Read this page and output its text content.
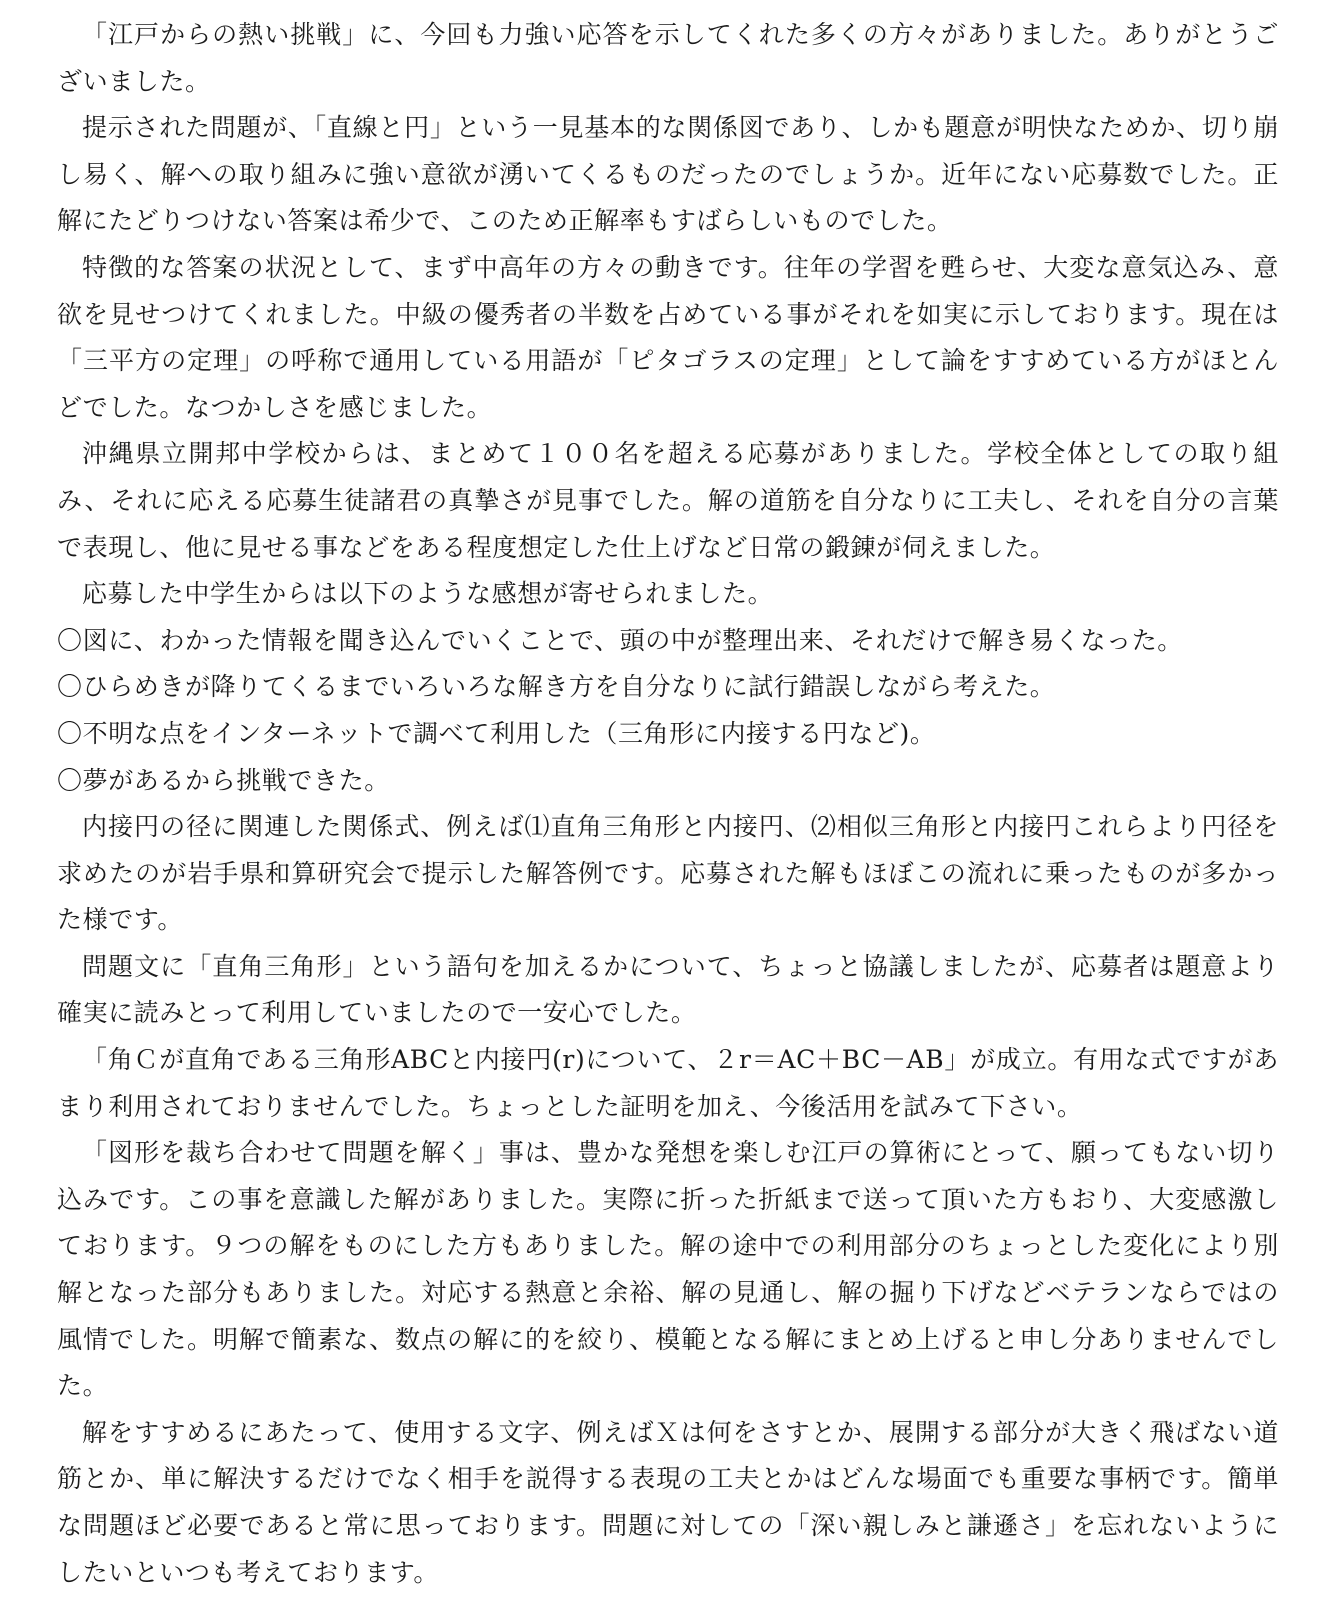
「江戸からの熱い挑戦」に、今回も力強い応答を示してくれた多くの方々がありました。ありがとうございました。

提示された問題が、「直線と円」という一見基本的な関係図であり、しかも題意が明快なためか、切り崩し易く、解への取り組みに強い意欲が湧いてくるものだったのでしょうか。近年にない応募数でした。正解にたどりつけない答案は希少で、このため正解率もすばらしいものでした。

特徴的な答案の状況として、まず中高年の方々の動きです。往年の学習を甦らせ、大変な意気込み、意欲を見せつけてくれました。中級の優秀者の半数を占めている事がそれを如実に示しております。現在は「三平方の定理」の呼称で通用している用語が「ピタゴラスの定理」として論をすすめている方がほとんどでした。なつかしさを感じました。

沖縄県立開邦中学校からは、まとめて１００名を超える応募がありました。学校全体としての取り組み、それに応える応募生徒諸君の真摯さが見事でした。解の道筋を自分なりに工夫し、それを自分の言葉で表現し、他に見せる事などをある程度想定した仕上げなど日常の鍛錬が伺えました。

応募した中学生からは以下のような感想が寄せられました。

〇図に、わかった情報を聞き込んでいくことで、頭の中が整理出来、それだけで解き易くなった。

〇ひらめきが降りてくるまでいろいろな解き方を自分なりに試行錯誤しながら考えた。

〇不明な点をインターネットで調べて利用した（三角形に内接する円など)。

〇夢があるから挑戦できた。

内接円の径に関連した関係式、例えば⑴直角三角形と内接円、⑵相似三角形と内接円これらより円径を求めたのが岩手県和算研究会で提示した解答例です。応募された解もほぼこの流れに乗ったものが多かった様です。

問題文に「直角三角形」という語句を加えるかについて、ちょっと協議しましたが、応募者は題意より確実に読みとって利用していましたので一安心でした。

「角Ｃが直角である三角形ABCと内接円(r)について、２r＝AC＋BC－AB」が成立。有用な式ですがあまり利用されておりませんでした。ちょっとした証明を加え、今後活用を試みて下さい。

「図形を裁ち合わせて問題を解く」事は、豊かな発想を楽しむ江戸の算術にとって、願ってもない切り込みです。この事を意識した解がありました。実際に折った折紙まで送って頂いた方もおり、大変感激しております。９つの解をものにした方もありました。解の途中での利用部分のちょっとした変化により別解となった部分もありました。対応する熱意と余裕、解の見通し、解の掘り下げなどベテランならではの風情でした。明解で簡素な、数点の解に的を絞り、模範となる解にまとめ上げると申し分ありませんでした。

解をすすめるにあたって、使用する文字、例えばＸは何をさすとか、展開する部分が大きく飛ばない道筋とか、単に解決するだけでなく相手を説得する表現の工夫とかはどんな場面でも重要な事柄です。簡単な問題ほど必要であると常に思っております。問題に対しての「深い親しみと謙遜さ」を忘れないようにしたいといつも考えております。
